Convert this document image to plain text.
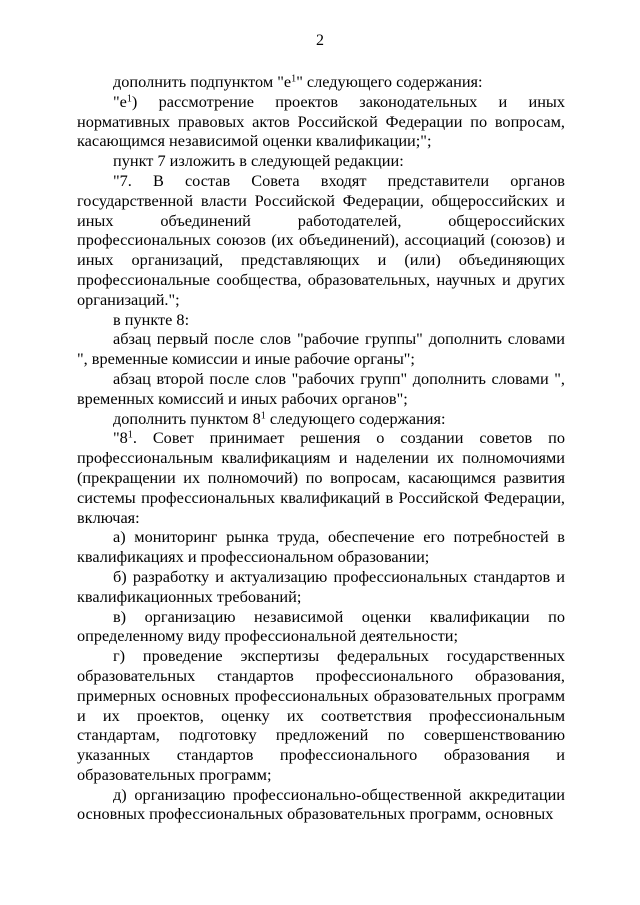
2

дополнить подпунктом "$е^1$" следующего содержания:

"$е^1$) рассмотрение проектов законодательных и иных нормативных правовых актов Российской Федерации по вопросам, касающимся независимой оценки квалификации;";

пункт 7 изложить в следующей редакции:

"7. В состав Совета входят представители органов государственной власти Российской Федерации, общероссийских и иных объединений работодателей, общероссийских профессиональных союзов (их объединений), ассоциаций (союзов) и иных организаций, представляющих и (или) объединяющих профессиональные сообщества, образовательных, научных и других организаций.";

в пункте 8:

абзац первый после слов "рабочие группы" дополнить словами ", временные комиссии и иные рабочие органы";

абзац второй после слов "рабочих групп" дополнить словами ", временных комиссий и иных рабочих органов";

дополнить пунктом $8^1$ следующего содержания:

"$8^1$. Совет принимает решения о создании советов по профессиональным квалификациям и наделении их полномочиями (прекращении их полномочий) по вопросам, касающимся развития системы профессиональных квалификаций в Российской Федерации, включая:

а) мониторинг рынка труда, обеспечение его потребностей в квалификациях и профессиональном образовании;

б) разработку и актуализацию профессиональных стандартов и квалификационных требований;

в) организацию независимой оценки квалификации по определенному виду профессиональной деятельности;

г) проведение экспертизы федеральных государственных образовательных стандартов профессионального образования, примерных основных профессиональных образовательных программ и их проектов, оценку их соответствия профессиональным стандартам, подготовку предложений по совершенствованию указанных стандартов профессионального образования и образовательных программ;

д) организацию профессионально-общественной аккредитации основных профессиональных образовательных программ, основных
